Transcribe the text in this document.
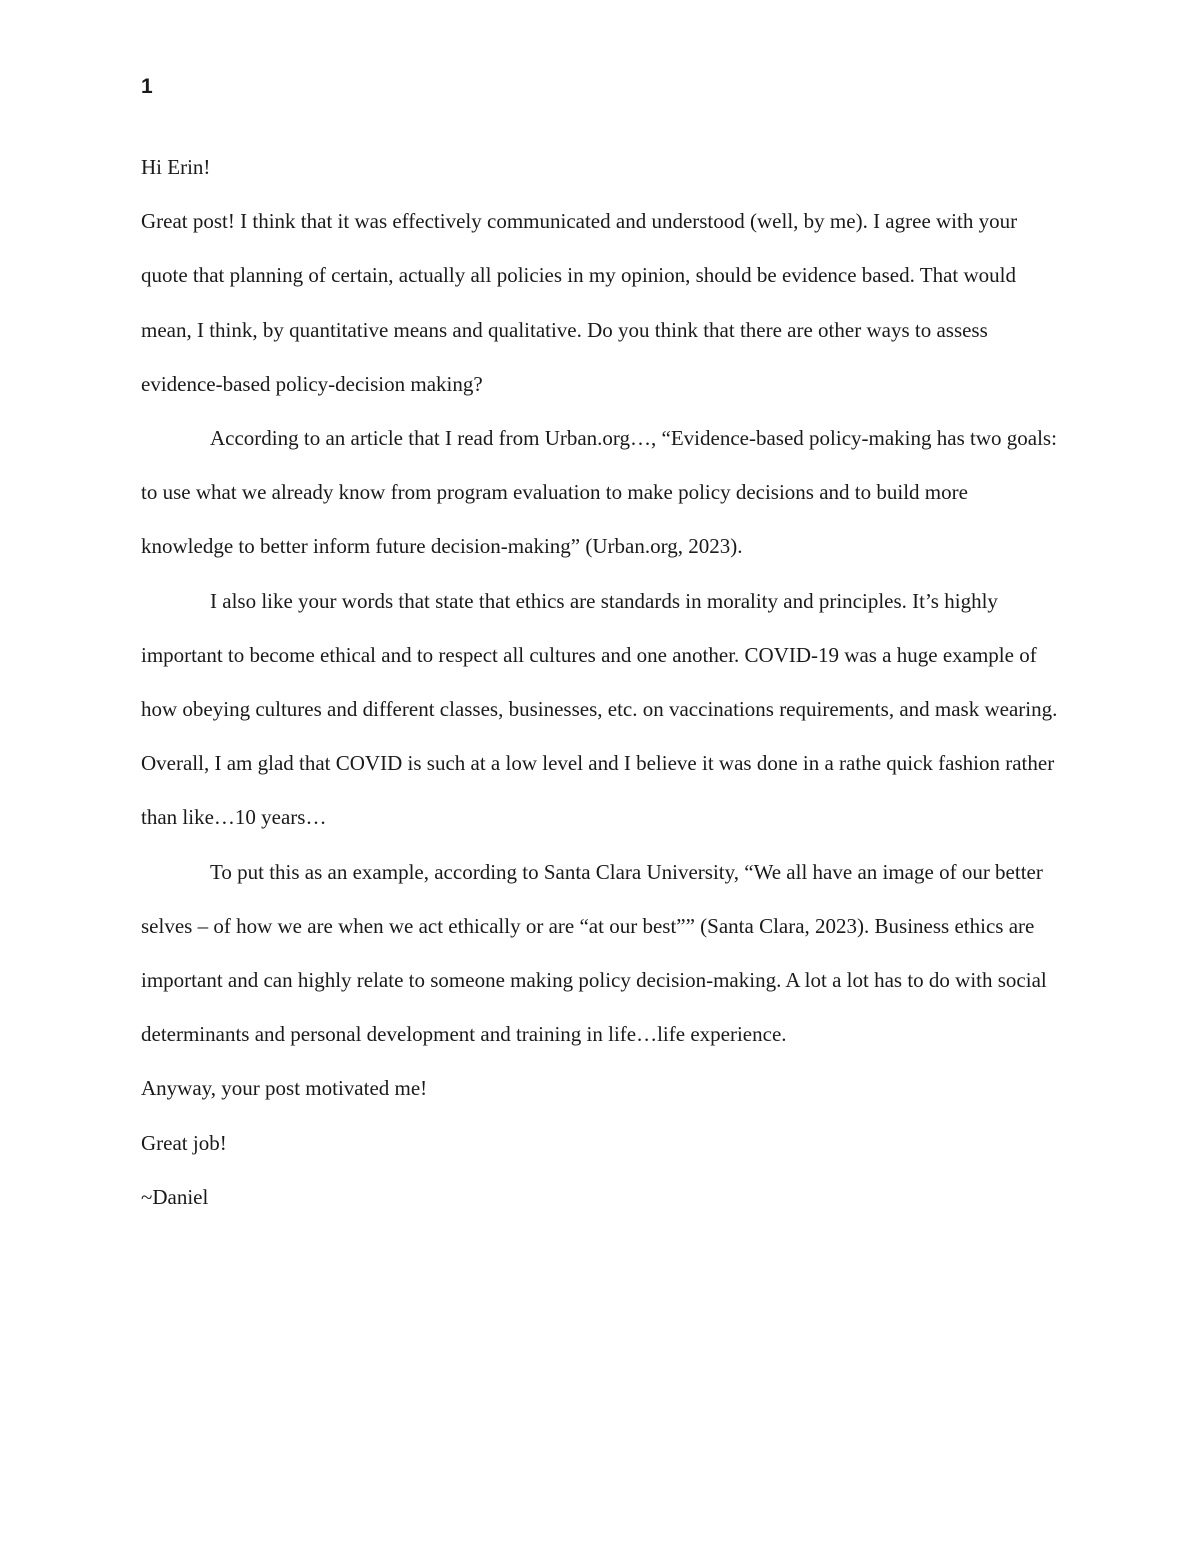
1

Hi Erin!

Great post! I think that it was effectively communicated and understood (well, by me). I agree with your quote that planning of certain, actually all policies in my opinion, should be evidence based. That would mean, I think, by quantitative means and qualitative. Do you think that there are other ways to assess evidence-based policy-decision making?

According to an article that I read from Urban.org…, “Evidence-based policy-making has two goals: to use what we already know from program evaluation to make policy decisions and to build more knowledge to better inform future decision-making” (Urban.org, 2023).

I also like your words that state that ethics are standards in morality and principles. It’s highly important to become ethical and to respect all cultures and one another. COVID-19 was a huge example of how obeying cultures and different classes, businesses, etc. on vaccinations requirements, and mask wearing. Overall, I am glad that COVID is such at a low level and I believe it was done in a rathe quick fashion rather than like…10 years…

To put this as an example, according to Santa Clara University, “We all have an image of our better selves – of how we are when we act ethically or are “at our best”” (Santa Clara, 2023). Business ethics are important and can highly relate to someone making policy decision-making. A lot a lot has to do with social determinants and personal development and training in life…life experience.

Anyway, your post motivated me!

Great job!

~Daniel
